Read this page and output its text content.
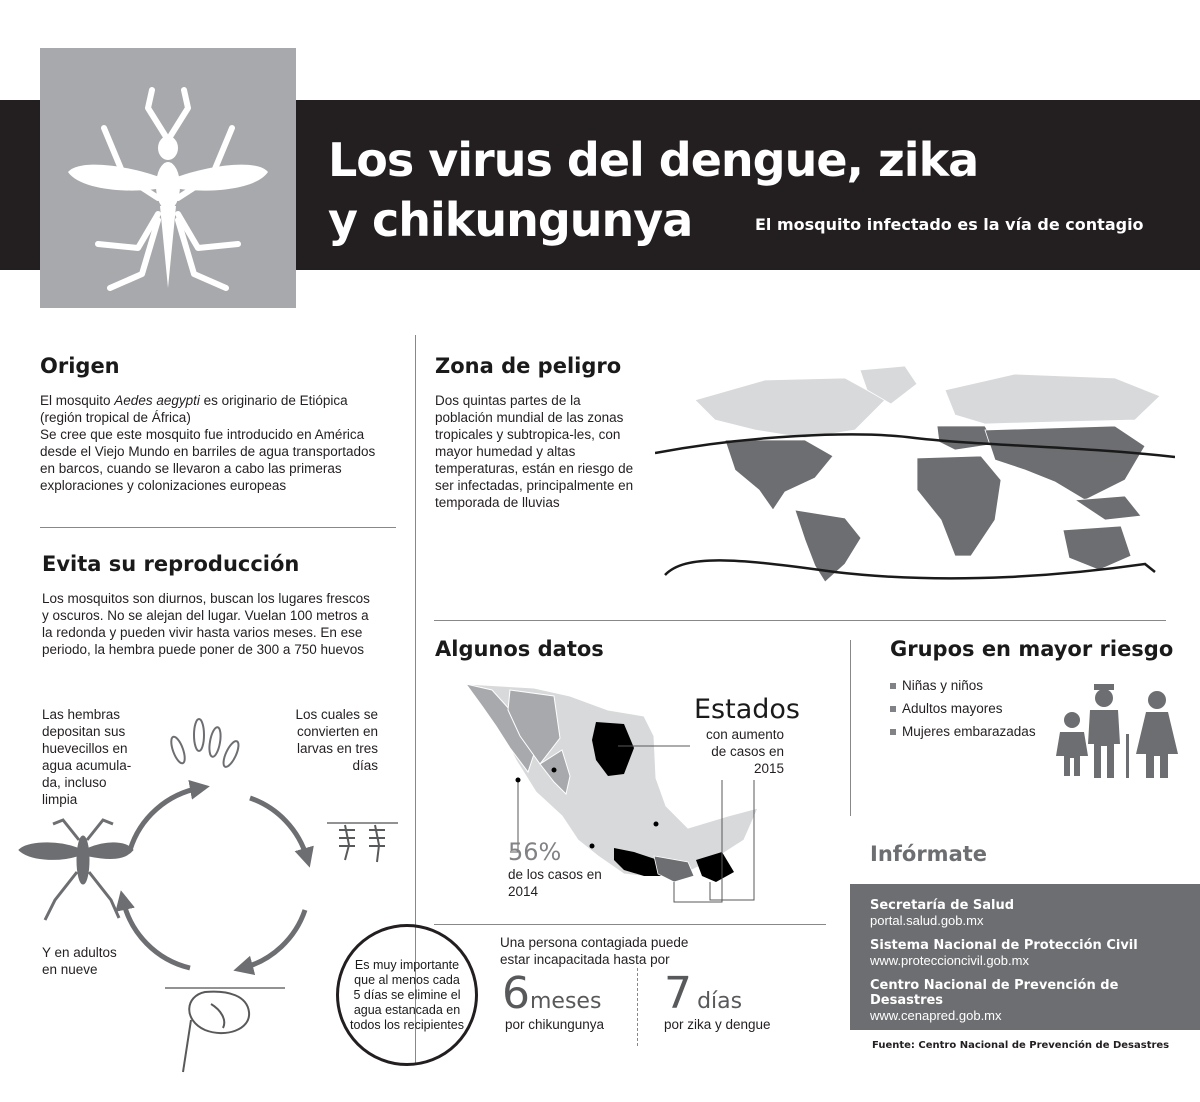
Los virus del dengue, zika
y chikungunya	El mosquito infectado es la vía de contagio
Origen

El mosquito Aedes aegypti es originario de Etiópica (región tropical de África)
Se cree que este mosquito fue introducido en América desde el Viejo Mundo en barriles de agua transportados en barcos, cuando se llevaron a cabo las primeras exploraciones y colonizaciones europeas

Evita su reproducción

Los mosquitos son diurnos, buscan los lugares frescos y oscuros. No se alejan del lugar. Vuelan 100 metros a la redonda y pueden vivir hasta varios meses. En ese periodo, la hembra puede poner de 300 a 750 huevos

Las hembras depositan sus huevecillos en agua acumula-da, incluso limpia

Los cuales se convierten en larvas en tres días

Y en adultos en nueve	Es muy importante que al menos cada 5 días se elimine el agua estancada en todos los recipientes
Zona de peligro

Dos quintas partes de la población mundial de las zonas tropicales y subtropica-les, con mayor humedad y altas temperaturas, están en riesgo de ser infectadas, principalmente en temporada de lluvias

Algunos datos
Estados

con aumento de casos en 2015

56%

de los casos en 2014

Una persona contagiada puede estar incapacitada hasta por

6meses

por chikungunya

7 días

por zika y dengue

Grupos en mayor riesgo
Niñas y niños
Adultos mayores
Mujeres embarazadas
Infórmate
Secretaría de Salud
portal.salud.gob.mx
Sistema Nacional de Protección Civil
www.proteccioncivil.gob.mx
Centro Nacional de Prevención de Desastres
www.cenapred.gob.mx
Fuente: Centro Nacional de Prevención de Desastres
